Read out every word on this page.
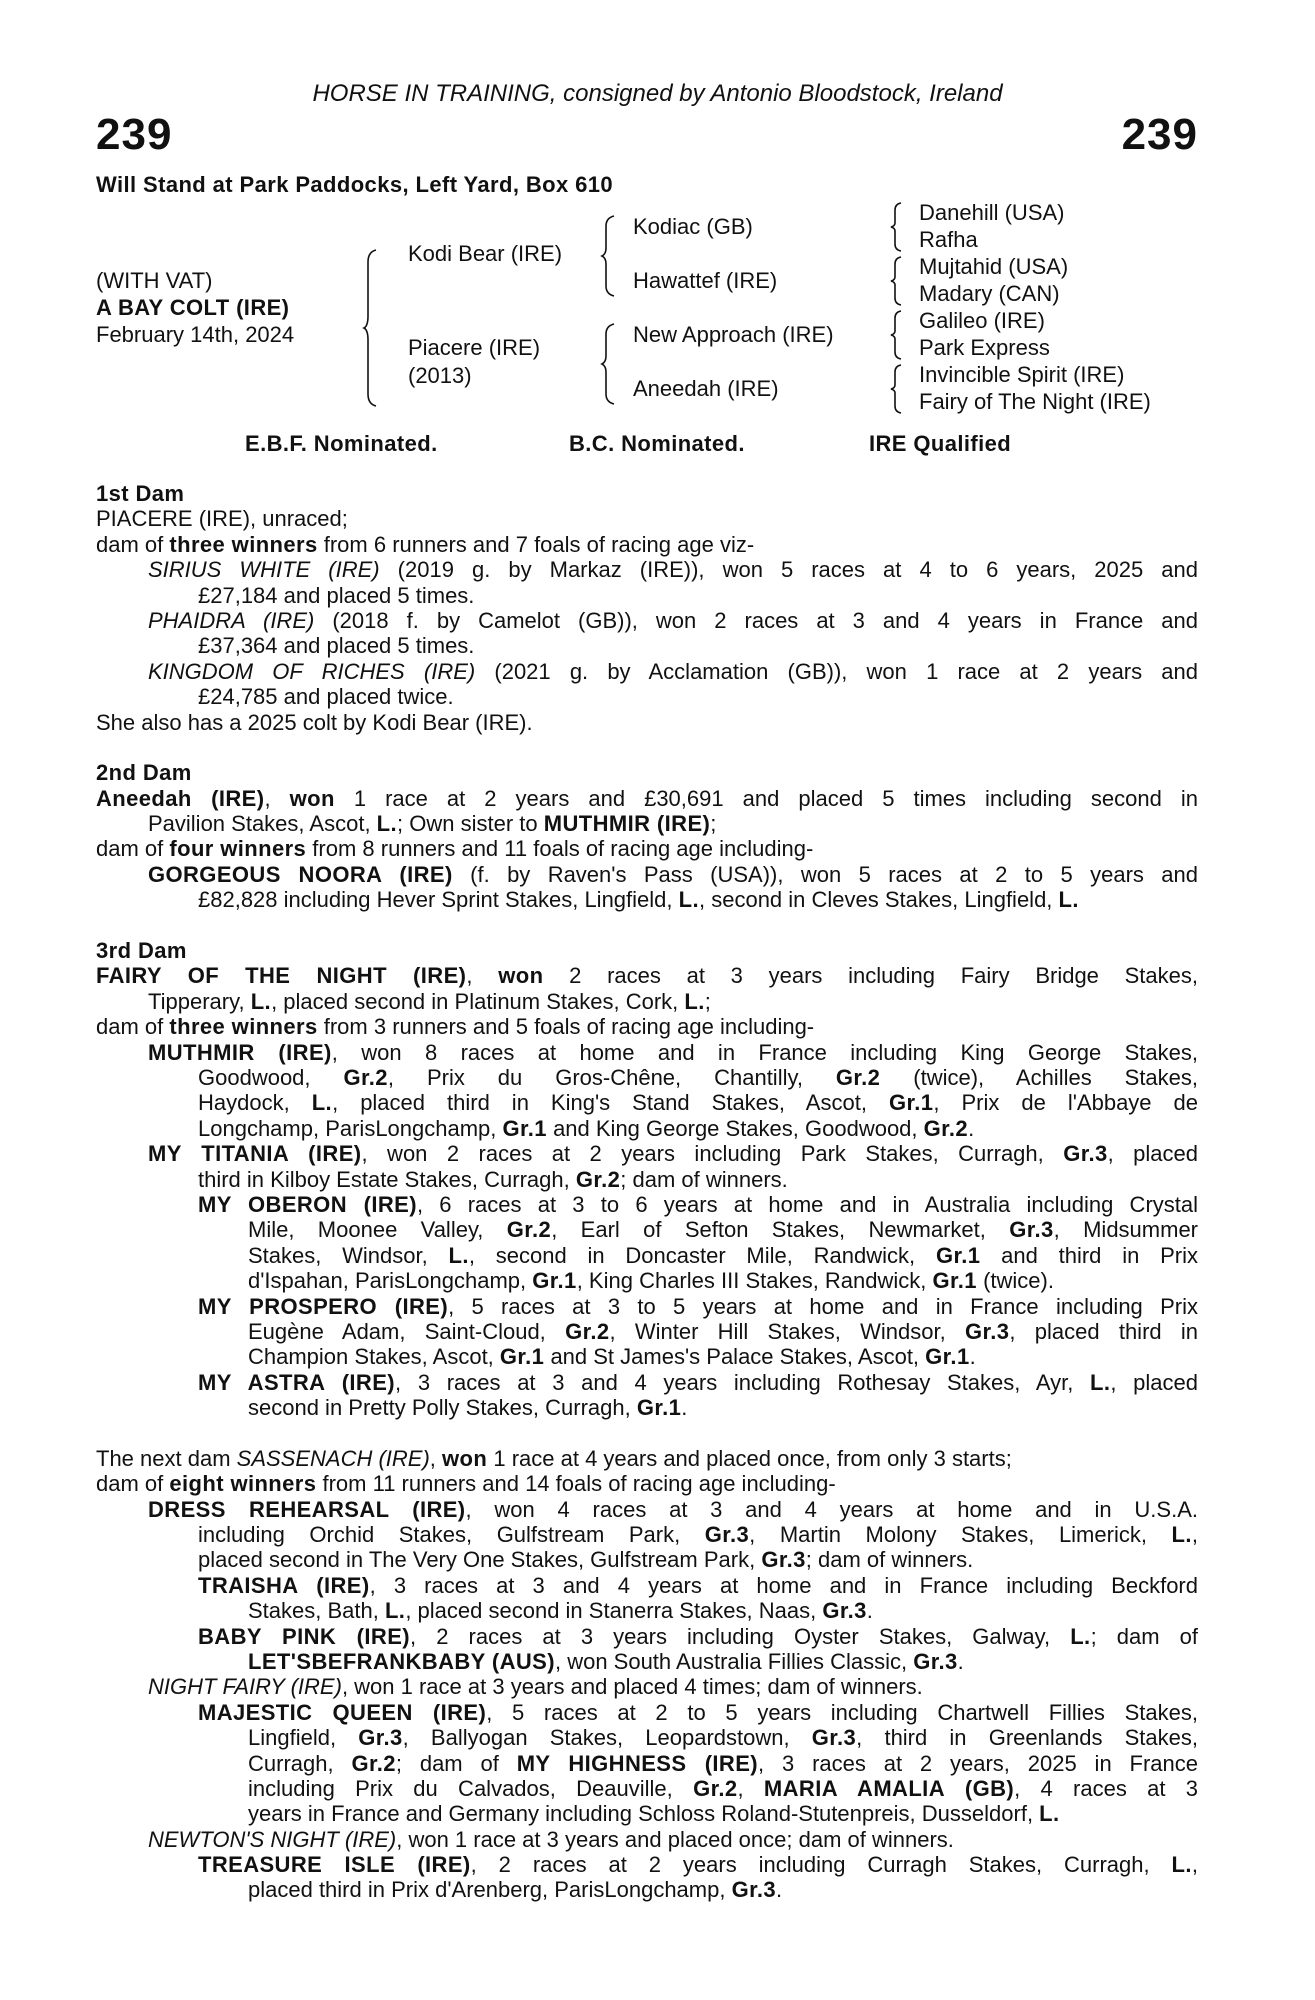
HORSE IN TRAINING, consigned by Antonio Bloodstock, Ireland
239	239
Will Stand at Park Paddocks, Left Yard, Box 610
(WITH VAT)
A BAY COLT (IRE)
February 14th, 2024
Kodi Bear (IRE)
Piacere (IRE)
(2013)
Kodiac (GB)
Hawattef (IRE)
New Approach (IRE)
Aneedah (IRE)
Danehill (USA)
Rafha
Mujtahid (USA)
Madary (CAN)
Galileo (IRE)
Park Express
Invincible Spirit (IRE)
Fairy of The Night (IRE)
E.B.F. Nominated.	B.C. Nominated.	IRE Qualified
1st Dam
PIACERE (IRE), unraced;
dam of three winners from 6 runners and 7 foals of racing age viz-
SIRIUS WHITE (IRE) (2019 g. by Markaz (IRE)), won 5 races at 4 to 6 years, 2025 and
£27,184 and placed 5 times.
PHAIDRA (IRE) (2018 f. by Camelot (GB)), won 2 races at 3 and 4 years in France and
£37,364 and placed 5 times.
KINGDOM OF RICHES (IRE) (2021 g. by Acclamation (GB)), won 1 race at 2 years and
£24,785 and placed twice.
She also has a 2025 colt by Kodi Bear (IRE).
2nd Dam
Aneedah (IRE), won 1 race at 2 years and £30,691 and placed 5 times including second in
Pavilion Stakes, Ascot, L.; Own sister to MUTHMIR (IRE);
dam of four winners from 8 runners and 11 foals of racing age including-
GORGEOUS NOORA (IRE) (f. by Raven's Pass (USA)), won 5 races at 2 to 5 years and
£82,828 including Hever Sprint Stakes, Lingfield, L., second in Cleves Stakes, Lingfield, L.
3rd Dam
FAIRY OF THE NIGHT (IRE), won 2 races at 3 years including Fairy Bridge Stakes,
Tipperary, L., placed second in Platinum Stakes, Cork, L.;
dam of three winners from 3 runners and 5 foals of racing age including-
MUTHMIR (IRE), won 8 races at home and in France including King George Stakes,
Goodwood, Gr.2, Prix du Gros-Chêne, Chantilly, Gr.2 (twice), Achilles Stakes,
Haydock, L., placed third in King's Stand Stakes, Ascot, Gr.1, Prix de l'Abbaye de
Longchamp, ParisLongchamp, Gr.1 and King George Stakes, Goodwood, Gr.2.
MY TITANIA (IRE), won 2 races at 2 years including Park Stakes, Curragh, Gr.3, placed
third in Kilboy Estate Stakes, Curragh, Gr.2; dam of winners.
MY OBERON (IRE), 6 races at 3 to 6 years at home and in Australia including Crystal
Mile, Moonee Valley, Gr.2, Earl of Sefton Stakes, Newmarket, Gr.3, Midsummer
Stakes, Windsor, L., second in Doncaster Mile, Randwick, Gr.1 and third in Prix
d'Ispahan, ParisLongchamp, Gr.1, King Charles III Stakes, Randwick, Gr.1 (twice).
MY PROSPERO (IRE), 5 races at 3 to 5 years at home and in France including Prix
Eugène Adam, Saint-Cloud, Gr.2, Winter Hill Stakes, Windsor, Gr.3, placed third in
Champion Stakes, Ascot, Gr.1 and St James's Palace Stakes, Ascot, Gr.1.
MY ASTRA (IRE), 3 races at 3 and 4 years including Rothesay Stakes, Ayr, L., placed
second in Pretty Polly Stakes, Curragh, Gr.1.
The next dam SASSENACH (IRE), won 1 race at 4 years and placed once, from only 3 starts;
dam of eight winners from 11 runners and 14 foals of racing age including-
DRESS REHEARSAL (IRE), won 4 races at 3 and 4 years at home and in U.S.A.
including Orchid Stakes, Gulfstream Park, Gr.3, Martin Molony Stakes, Limerick, L.,
placed second in The Very One Stakes, Gulfstream Park, Gr.3; dam of winners.
TRAISHA (IRE), 3 races at 3 and 4 years at home and in France including Beckford
Stakes, Bath, L., placed second in Stanerra Stakes, Naas, Gr.3.
BABY PINK (IRE), 2 races at 3 years including Oyster Stakes, Galway, L.; dam of
LET'SBEFRANKBABY (AUS), won South Australia Fillies Classic, Gr.3.
NIGHT FAIRY (IRE), won 1 race at 3 years and placed 4 times; dam of winners.
MAJESTIC QUEEN (IRE), 5 races at 2 to 5 years including Chartwell Fillies Stakes,
Lingfield, Gr.3, Ballyogan Stakes, Leopardstown, Gr.3, third in Greenlands Stakes,
Curragh, Gr.2; dam of MY HIGHNESS (IRE), 3 races at 2 years, 2025 in France
including Prix du Calvados, Deauville, Gr.2, MARIA AMALIA (GB), 4 races at 3
years in France and Germany including Schloss Roland-Stutenpreis, Dusseldorf, L.
NEWTON'S NIGHT (IRE), won 1 race at 3 years and placed once; dam of winners.
TREASURE ISLE (IRE), 2 races at 2 years including Curragh Stakes, Curragh, L.,
placed third in Prix d'Arenberg, ParisLongchamp, Gr.3.
